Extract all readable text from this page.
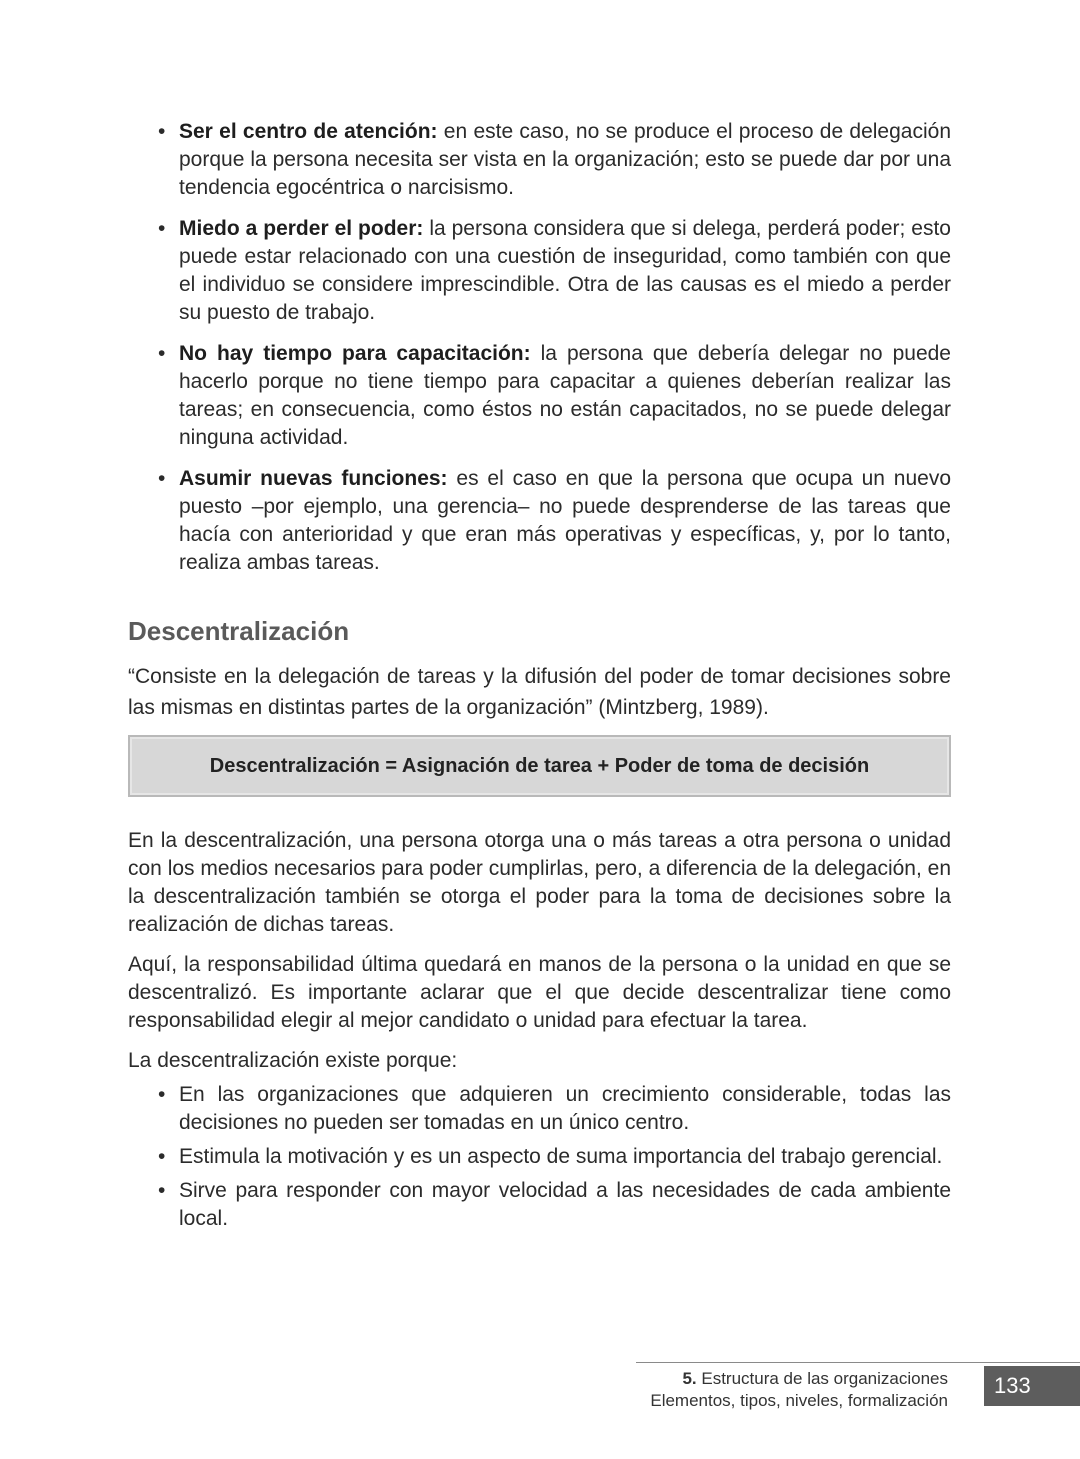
• Ser el centro de atención: en este caso, no se produce el proceso de delegación porque la persona necesita ser vista en la organización; esto se puede dar por una tendencia egocéntrica o narcisismo.
• Miedo a perder el poder: la persona considera que si delega, perderá poder; esto puede estar relacionado con una cuestión de inseguridad, como también con que el individuo se considere imprescindible. Otra de las causas es el miedo a perder su puesto de trabajo.
• No hay tiempo para capacitación: la persona que debería delegar no puede hacerlo porque no tiene tiempo para capacitar a quienes deberían realizar las tareas; en consecuencia, como éstos no están capacitados, no se puede delegar ninguna actividad.
• Asumir nuevas funciones: es el caso en que la persona que ocupa un nuevo puesto –por ejemplo, una gerencia– no puede desprenderse de las tareas que hacía con anterioridad y que eran más operativas y específicas, y, por lo tanto, realiza ambas tareas.
Descentralización

“Consiste en la delegación de tareas y la difusión del poder de tomar decisiones sobre las mismas en distintas partes de la organización” (Mintzberg, 1989).

Descentralización = Asignación de tarea + Poder de toma de decisión

En la descentralización, una persona otorga una o más tareas a otra persona o unidad con los medios necesarios para poder cumplirlas, pero, a diferencia de la delegación, en la descentralización también se otorga el poder para la toma de decisiones sobre la realización de dichas tareas.

Aquí, la responsabilidad última quedará en manos de la persona o la unidad en que se descentralizó. Es importante aclarar que el que decide descentralizar tiene como responsabilidad elegir al mejor candidato o unidad para efectuar la tarea.

La descentralización existe porque:

• En las organizaciones que adquieren un crecimiento considerable, todas las decisiones no pueden ser tomadas en un único centro.
• Estimula la motivación y es un aspecto de suma importancia del trabajo gerencial.
• Sirve para responder con mayor velocidad a las necesidades de cada ambiente local.
5. Estructura de las organizaciones
Elementos, tipos, niveles, formalización
133
